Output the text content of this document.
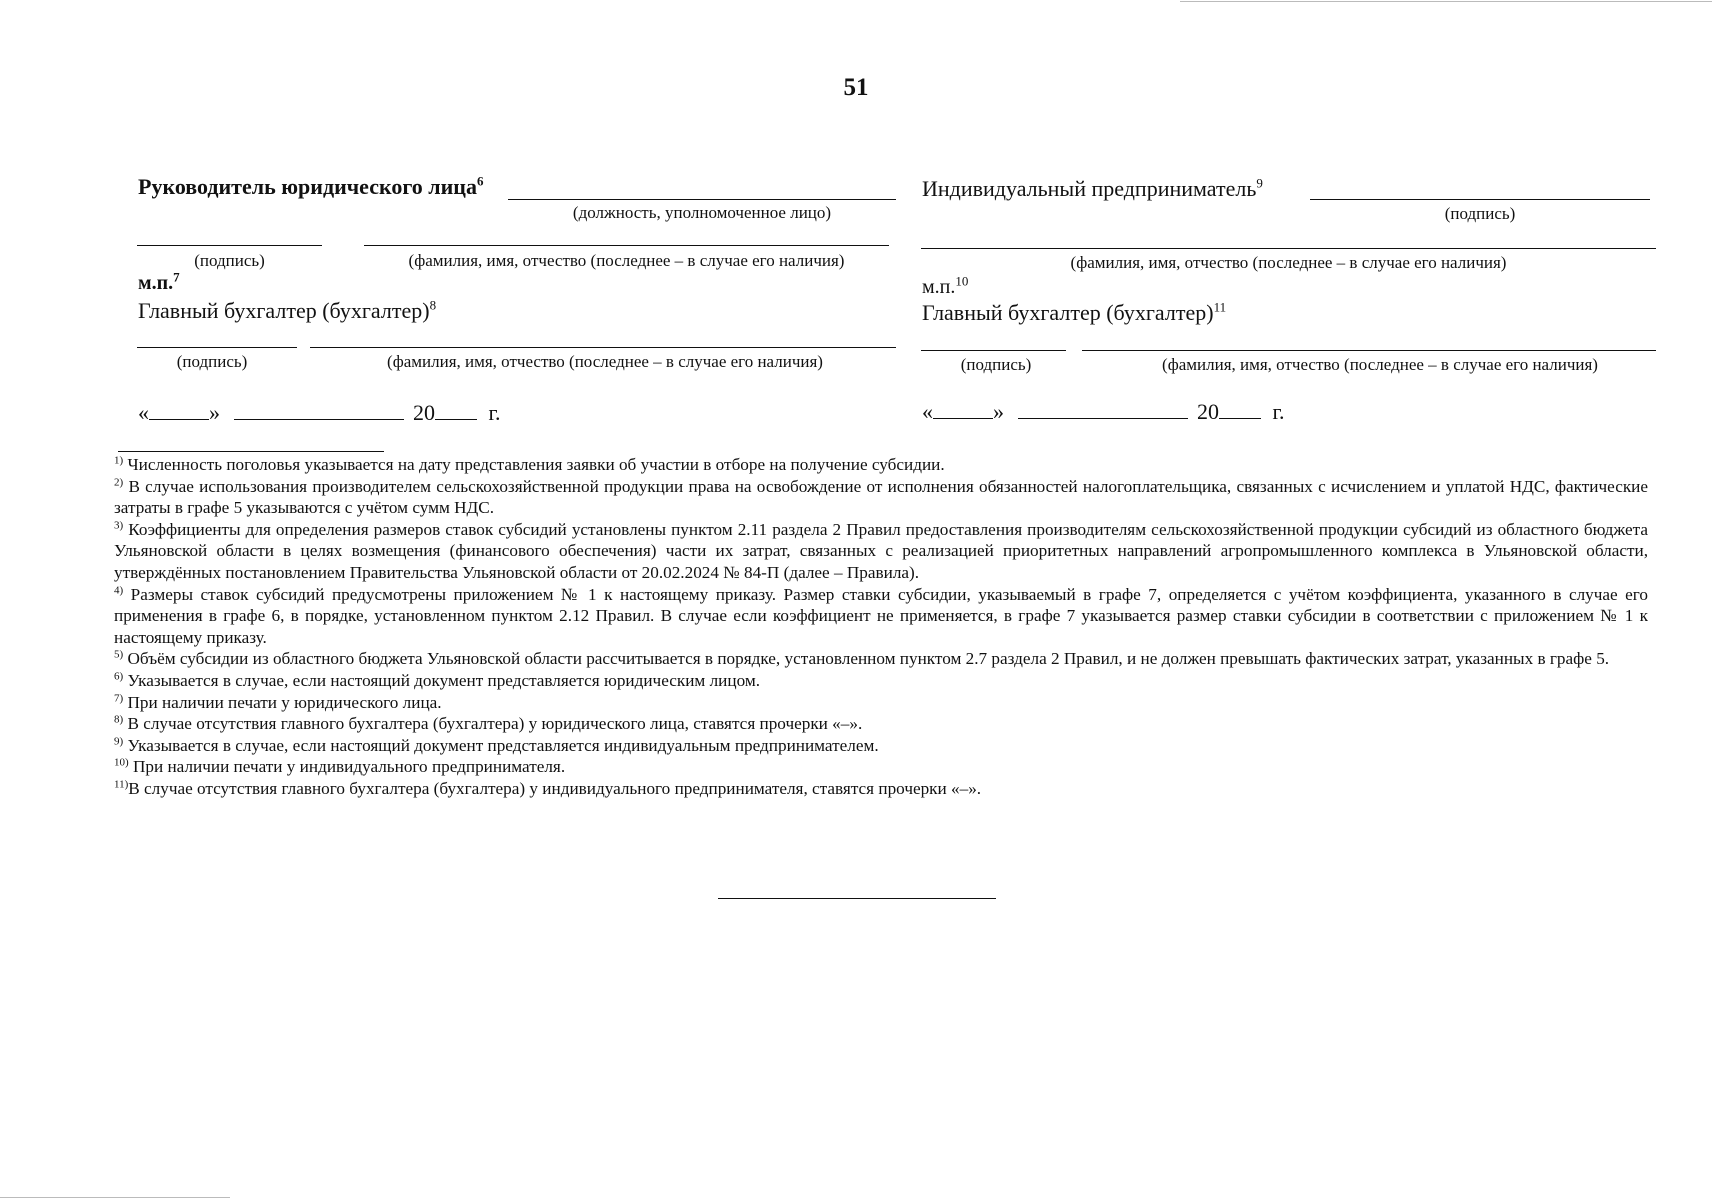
51
Руководитель юридического лица$^6$
(должность, уполномоченное лицо)
(подпись)	(фамилия, имя, отчество (последнее – в случае его наличия)
м.п.$^7$
Главный бухгалтер (бухгалтер)$^8$
(подпись)	(фамилия, имя, отчество (последнее – в случае его наличия)
«	»	20 г.
Индивидуальный предприниматель$^9$
(подпись)
(фамилия, имя, отчество (последнее – в случае его наличия)
м.п.$^{10}$
Главный бухгалтер (бухгалтер)$^{11}$
(подпись)	(фамилия, имя, отчество (последнее – в случае его наличия)
«	»	20 г.

$^{1)}$ Численность поголовья указывается на дату представления заявки об участии в отборе на получение субсидии.

$^{2)}$ В случае использования производителем сельскохозяйственной продукции права на освобождение от исполнения обязанностей налогоплательщика, связанных с исчислением и уплатой НДС, фактические затраты в графе 5 указываются с учётом сумм НДС.

$^{3)}$ Коэффициенты для определения размеров ставок субсидий установлены пунктом 2.11 раздела 2 Правил предоставления производителям сельскохозяйственной продукции субсидий из областного бюджета Ульяновской области в целях возмещения (финансового обеспечения) части их затрат, связанных с реализацией приоритетных направлений агропромышленного комплекса в Ульяновской области, утверждённых постановлением Правительства Ульяновской области от 20.02.2024 № 84-П (далее – Правила).

$^{4)}$ Размеры ставок субсидий предусмотрены приложением № 1 к настоящему приказу. Размер ставки субсидии, указываемый в графе 7, определяется с учётом коэффициента, указанного в случае его применения в графе 6, в порядке, установленном пунктом 2.12 Правил. В случае если коэффициент не применяется, в графе 7 указывается размер ставки субсидии в соответствии с приложением № 1 к настоящему приказу.

$^{5)}$ Объём субсидии из областного бюджета Ульяновской области рассчитывается в порядке, установленном пунктом 2.7 раздела 2 Правил, и не должен превышать фактических затрат, указанных в графе 5.

$^{6)}$ Указывается в случае, если настоящий документ представляется юридическим лицом.

$^{7)}$ При наличии печати у юридического лица.

$^{8)}$ В случае отсутствия главного бухгалтера (бухгалтера) у юридического лица, ставятся прочерки «–».

$^{9)}$ Указывается в случае, если настоящий документ представляется индивидуальным предпринимателем.

$^{10)}$ При наличии печати у индивидуального предпринимателя.

$^{11)}$В случае отсутствия главного бухгалтера (бухгалтера) у индивидуального предпринимателя, ставятся прочерки «–».
